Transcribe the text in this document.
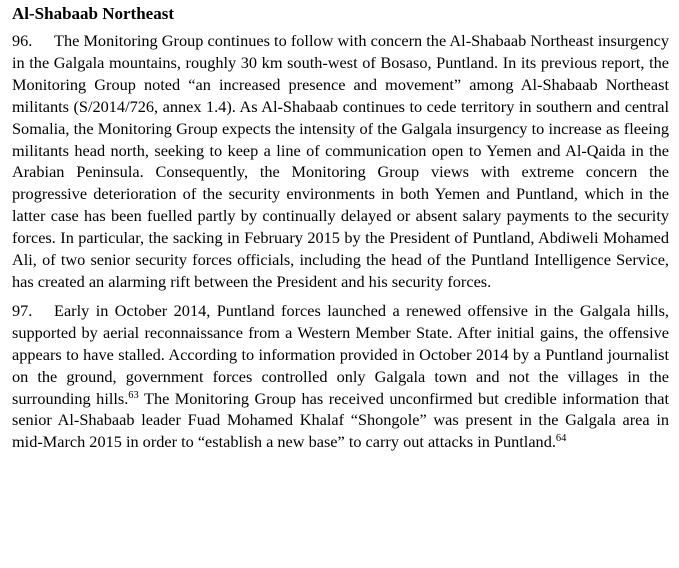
Al-Shabaab Northeast

96. The Monitoring Group continues to follow with concern the Al-Shabaab Northeast insurgency in the Galgala mountains, roughly 30 km south-west of Bosaso, Puntland. In its previous report, the Monitoring Group noted “an increased presence and movement” among Al-Shabaab Northeast militants (S/2014/726, annex 1.4). As Al-Shabaab continues to cede territory in southern and central Somalia, the Monitoring Group expects the intensity of the Galgala insurgency to increase as fleeing militants head north, seeking to keep a line of communication open to Yemen and Al-Qaida in the Arabian Peninsula. Consequently, the Monitoring Group views with extreme concern the progressive deterioration of the security environments in both Yemen and Puntland, which in the latter case has been fuelled partly by continually delayed or absent salary payments to the security forces. In particular, the sacking in February 2015 by the President of Puntland, Abdiweli Mohamed Ali, of two senior security forces officials, including the head of the Puntland Intelligence Service, has created an alarming rift between the President and his security forces.

97. Early in October 2014, Puntland forces launched a renewed offensive in the Galgala hills, supported by aerial reconnaissance from a Western Member State. After initial gains, the offensive appears to have stalled. According to information provided in October 2014 by a Puntland journalist on the ground, government forces controlled only Galgala town and not the villages in the surrounding hills.$^{63}$ The Monitoring Group has received unconfirmed but credible information that senior Al-Shabaab leader Fuad Mohamed Khalaf “Shongole” was present in the Galgala area in mid-March 2015 in order to “establish a new base” to carry out attacks in Puntland.$^{64}$
